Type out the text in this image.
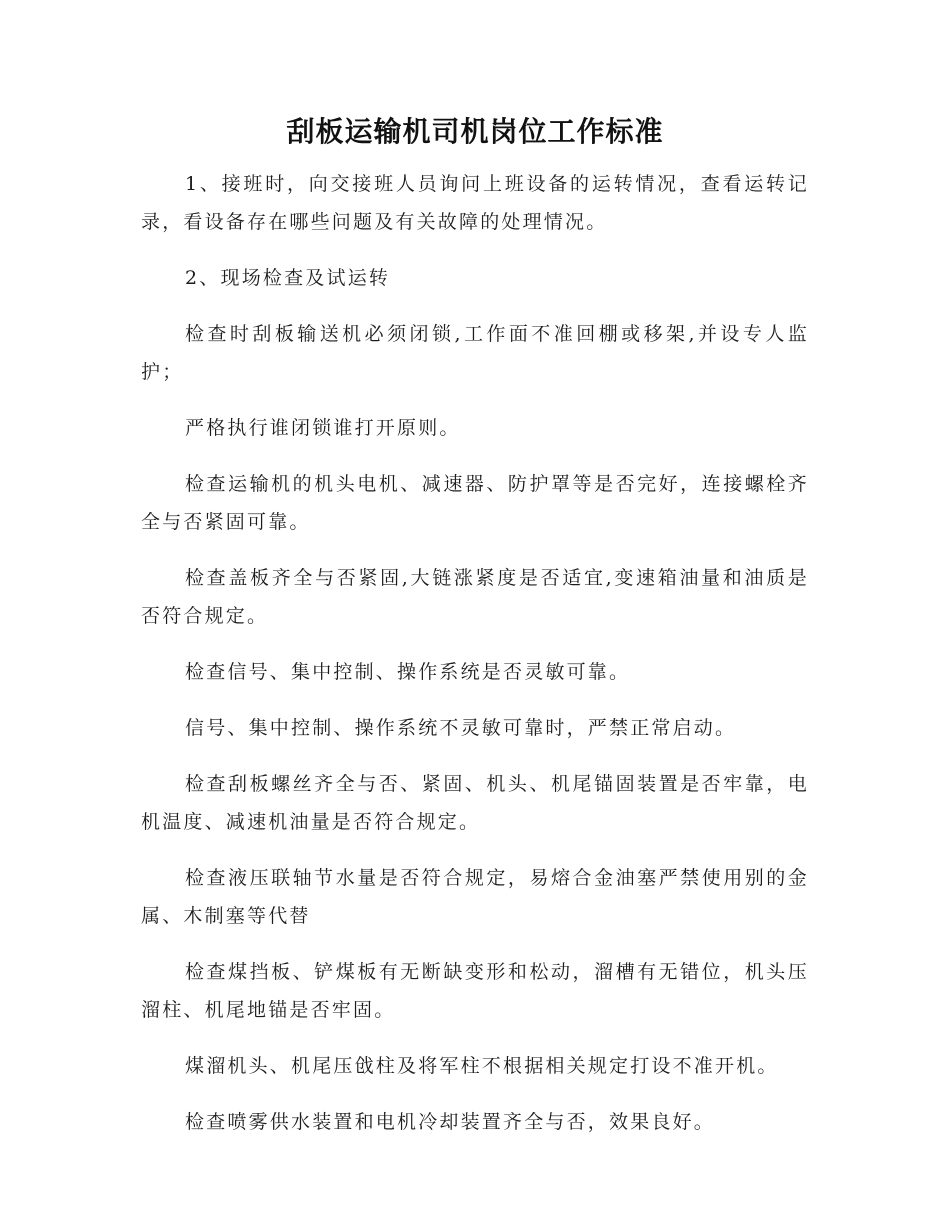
刮板运输机司机岗位工作标准

1、接班时，向交接班人员询问上班设备的运转情况，查看运转记录，看设备存在哪些问题及有关故障的处理情况。

2、现场检查及试运转

检查时刮板输送机必须闭锁,工作面不准回棚或移架,并设专人监护；

严格执行谁闭锁谁打开原则。

检查运输机的机头电机、减速器、防护罩等是否完好，连接螺栓齐全与否紧固可靠。

检查盖板齐全与否紧固,大链涨紧度是否适宜,变速箱油量和油质是否符合规定。

检查信号、集中控制、操作系统是否灵敏可靠。

信号、集中控制、操作系统不灵敏可靠时，严禁正常启动。

检查刮板螺丝齐全与否、紧固、机头、机尾锚固装置是否牢靠，电机温度、减速机油量是否符合规定。

检查液压联轴节水量是否符合规定，易熔合金油塞严禁使用别的金属、木制塞等代替

检查煤挡板、铲煤板有无断缺变形和松动，溜槽有无错位，机头压溜柱、机尾地锚是否牢固。

煤溜机头、机尾压戗柱及将军柱不根据相关规定打设不准开机。

检查喷雾供水装置和电机冷却装置齐全与否，效果良好。
